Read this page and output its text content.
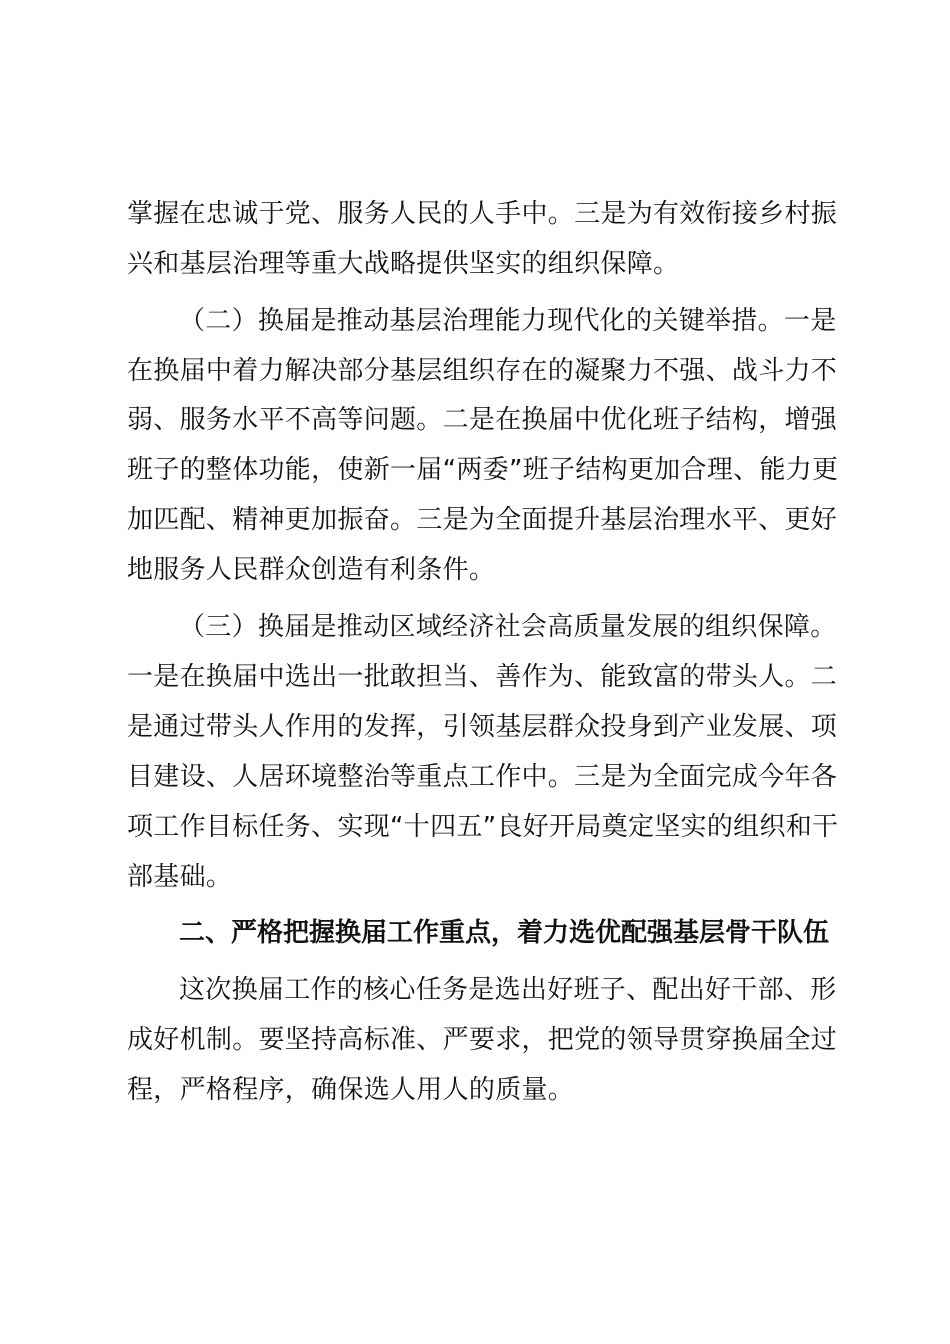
掌握在忠诚于党、服务人民的人手中。三是为有效衔接乡村振
兴和基层治理等重大战略提供坚实的组织保障。
（二）换届是推动基层治理能力现代化的关键举措。一是
在换届中着力解决部分基层组织存在的凝聚力不强、战斗力不
弱、服务水平不高等问题。二是在换届中优化班子结构，增强
班子的整体功能，使新一届“两委”班子结构更加合理、能力更
加匹配、精神更加振奋。三是为全面提升基层治理水平、更好
地服务人民群众创造有利条件。
（三）换届是推动区域经济社会高质量发展的组织保障。
一是在换届中选出一批敢担当、善作为、能致富的带头人。二
是通过带头人作用的发挥，引领基层群众投身到产业发展、项
目建设、人居环境整治等重点工作中。三是为全面完成今年各
项工作目标任务、实现“十四五”良好开局奠定坚实的组织和干
部基础。
二、严格把握换届工作重点，着力选优配强基层骨干队伍
这次换届工作的核心任务是选出好班子、配出好干部、形
成好机制。要坚持高标准、严要求，把党的领导贯穿换届全过
程，严格程序，确保选人用人的质量。
